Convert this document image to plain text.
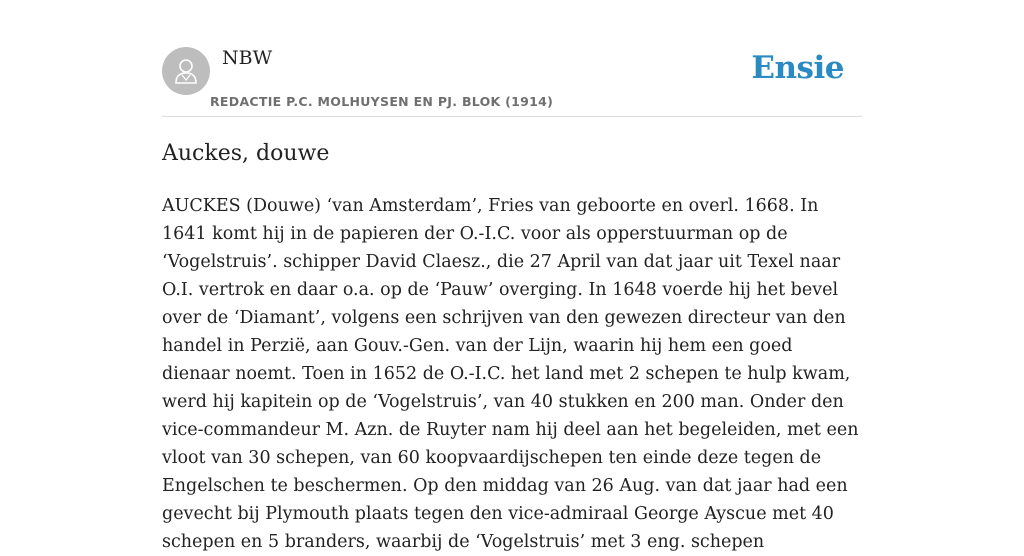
NBW
REDACTIE P.C. MOLHUYSEN EN PJ. BLOK (1914)
Ensie
Auckes, douwe

AUCKES (Douwe) ‘van Amsterdam’, Fries van geboorte en overl. 1668. In 1641 komt hij in de papieren der O.-I.C. voor als opperstuurman op de ‘Vogelstruis’. schipper David Claesz., die 27 April van dat jaar uit Texel naar O.I. vertrok en daar o.a. op de ‘Pauw’ overging. In 1648 voerde hij het bevel over de ‘Diamant’, volgens een schrijven van den gewezen directeur van den handel in Perzië, aan Gouv.-Gen. van der Lijn, waarin hij hem een goed dienaar noemt. Toen in 1652 de O.-I.C. het land met 2 schepen te hulp kwam, werd hij kapitein op de ‘Vogelstruis’, van 40 stukken en 200 man. Onder den vice-commandeur M. Azn. de Ruyter nam hij deel aan het begeleiden, met een vloot van 30 schepen, van 60 koopvaardijschepen ten einde deze tegen de Engelschen te beschermen. Op den middag van 26 Aug. van dat jaar had een gevecht bij Plymouth plaats tegen den vice-admiraal George Ayscue met 40 schepen en 5 branders, waarbij de ‘Vogelstruis’ met 3 eng. schepen
